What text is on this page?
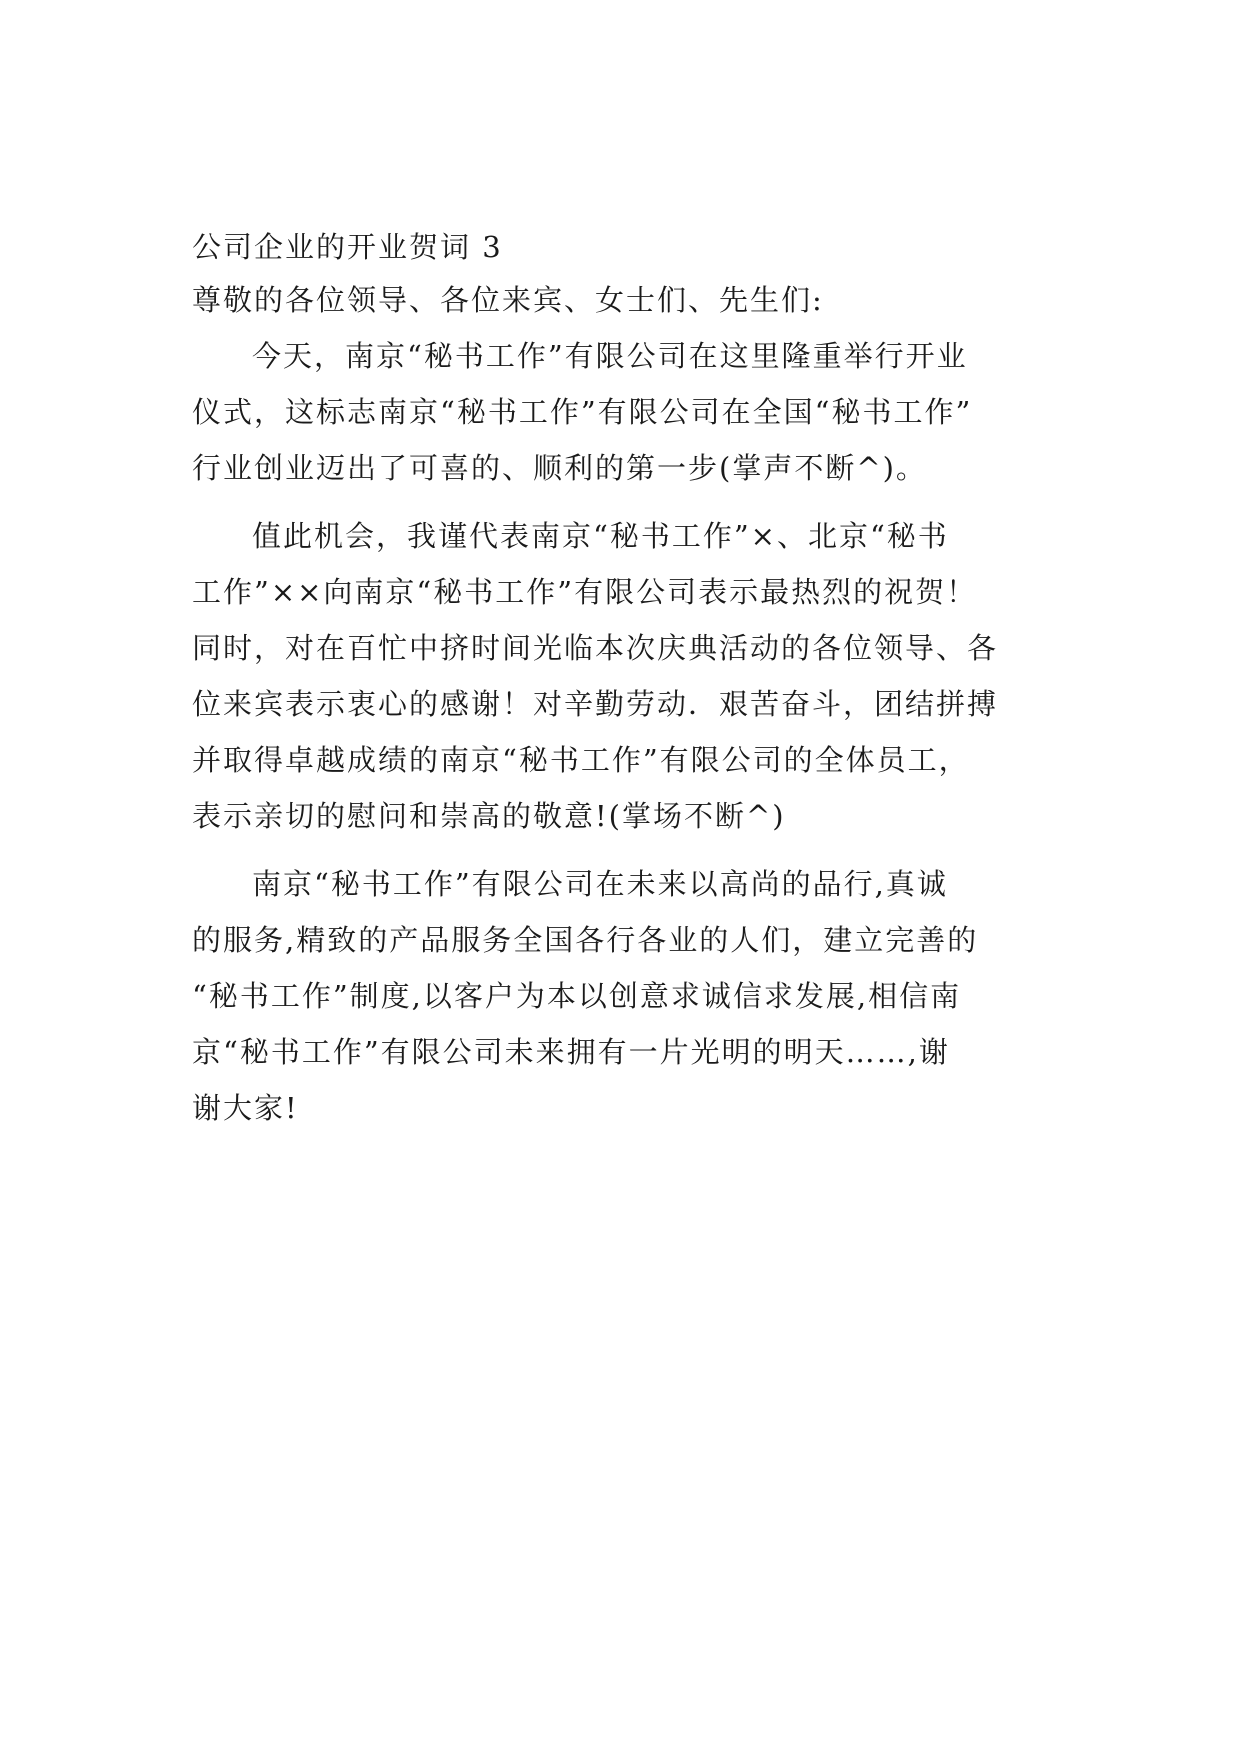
公司企业的开业贺词 3

尊敬的各位领导、各位来宾、女士们、先生们:

今天，南京“秘书工作”有限公司在这里隆重举行开业
仪式，这标志南京“秘书工作”有限公司在全国“秘书工作”
行业创业迈出了可喜的、顺利的第一步(掌声不断^)。
值此机会，我谨代表南京“秘书工作”×、北京“秘书
工作”××向南京“秘书工作”有限公司表示最热烈的祝贺！
同时，对在百忙中挤时间光临本次庆典活动的各位领导、各
位来宾表示衷心的感谢！对辛勤劳动．艰苦奋斗，团结拼搏
并取得卓越成绩的南京“秘书工作”有限公司的全体员工，
表示亲切的慰问和崇高的敬意!(掌场不断^)
南京“秘书工作”有限公司在未来以高尚的品行,真诚
的服务,精致的产品服务全国各行各业的人们，建立完善的
“秘书工作”制度,以客户为本以创意求诚信求发展,相信南
京“秘书工作”有限公司未来拥有一片光明的明天……,谢
谢大家!
